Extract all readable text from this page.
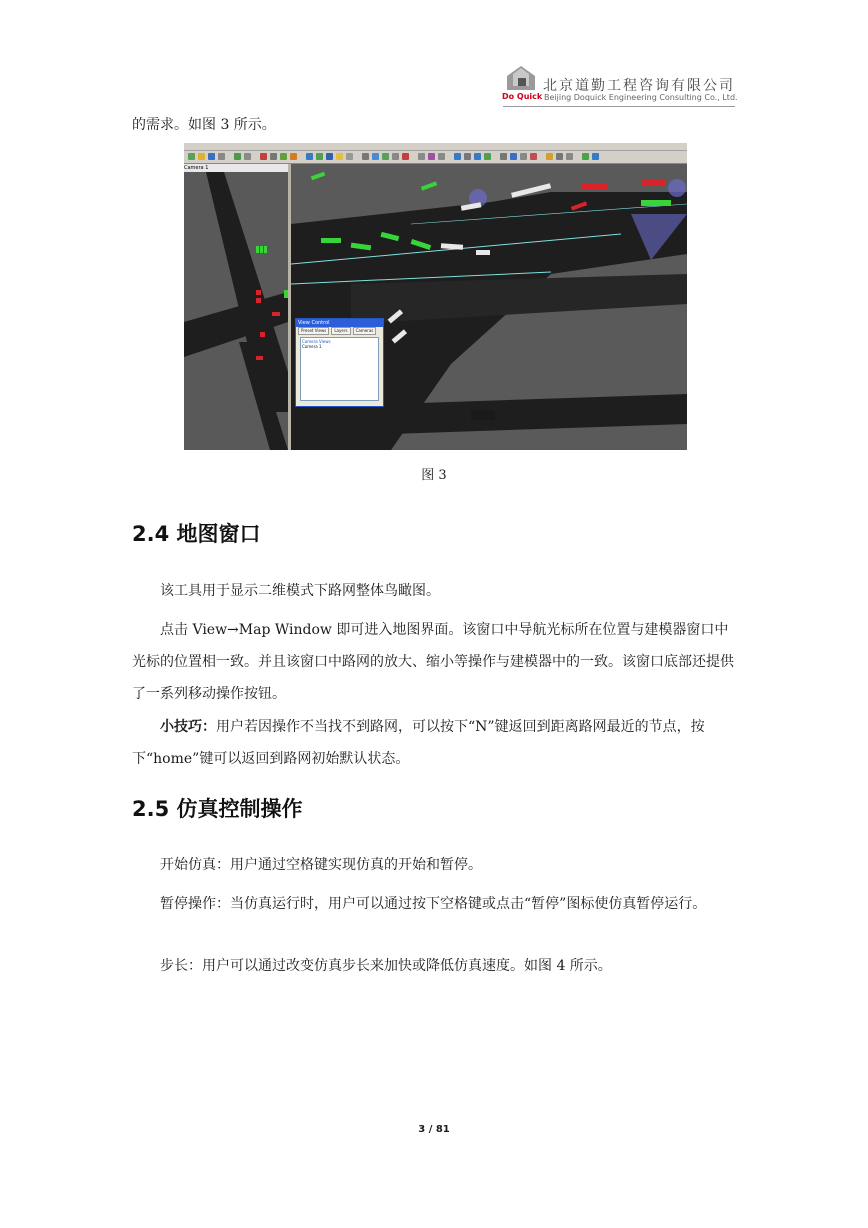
北京道勤工程咨询有限公司
Do Quick Beijing Doquick Engineering Consulting Co., Ltd.
的需求。如图 3 所示。
Camera 1
View Control
Preset Views Layers Cameras
Camera Views
Camera 1
图 3
2.4 地图窗口
该工具用于显示二维模式下路网整体鸟瞰图。
点击 View→Map Window 即可进入地图界面。该窗口中导航光标所在位置与建模器窗口中光标的位置相一致。并且该窗口中路网的放大、缩小等操作与建模器中的一致。该窗口底部还提供了一系列移动操作按钮。
小技巧：用户若因操作不当找不到路网，可以按下“N”键返回到距离路网最近的节点，按下“home”键可以返回到路网初始默认状态。
2.5 仿真控制操作
开始仿真：用户通过空格键实现仿真的开始和暂停。
暂停操作：当仿真运行时，用户可以通过按下空格键或点击“暂停”图标使仿真暂停运行。
步长：用户可以通过改变仿真步长来加快或降低仿真速度。如图 4 所示。
3 / 81
